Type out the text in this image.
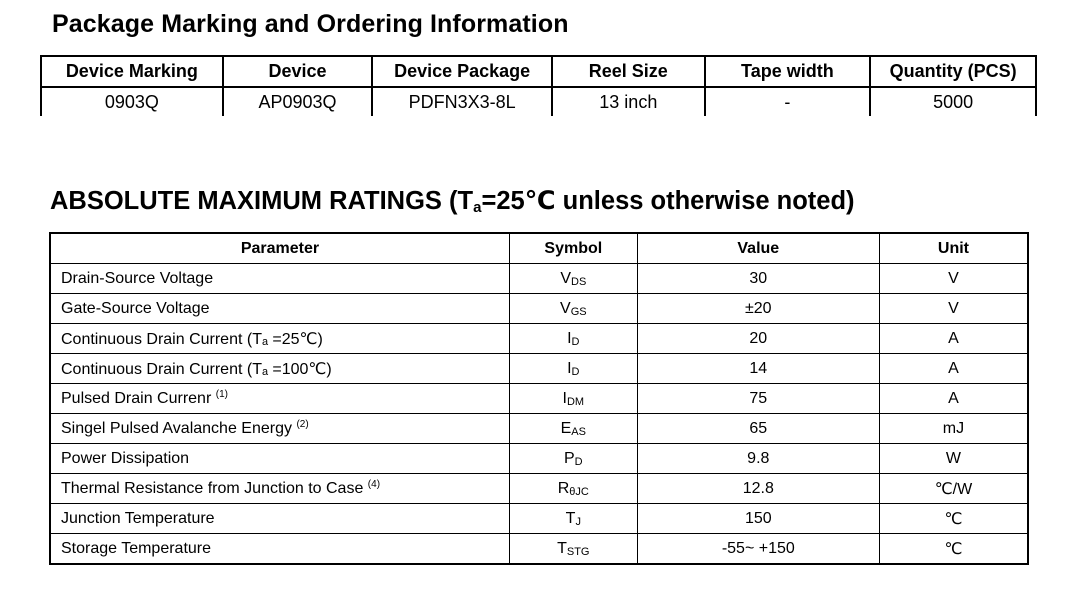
Package Marking and Ordering Information
Device Marking	Device	Device Package	Reel Size	Tape width	Quantity (PCS)
0903Q	AP0903Q	PDFN3X3-8L	13 inch	-	5000
ABSOLUTE MAXIMUM RATINGS ($T_a=25℃$ unless otherwise noted)
Parameter	Symbol	Value	Unit
Drain-Source Voltage	VDS	30	V
Gate-Source Voltage	VGS	±20	V
Continuous Drain Current (Tₐ =25℃)	ID	20	A
Continuous Drain Current (Tₐ =100℃)	ID	14	A
Pulsed Drain Currenr $^{(1)}$	IDM	75	A
Singel Pulsed Avalanche Energy $^{(2)}$	EAS	65	mJ
Power Dissipation	PD	9.8	W
Thermal Resistance from Junction to Case $^{(4)}$	RθJC	12.8	℃/W
Junction Temperature	TJ	150	℃
Storage Temperature	TSTG	-55~ +150	℃
